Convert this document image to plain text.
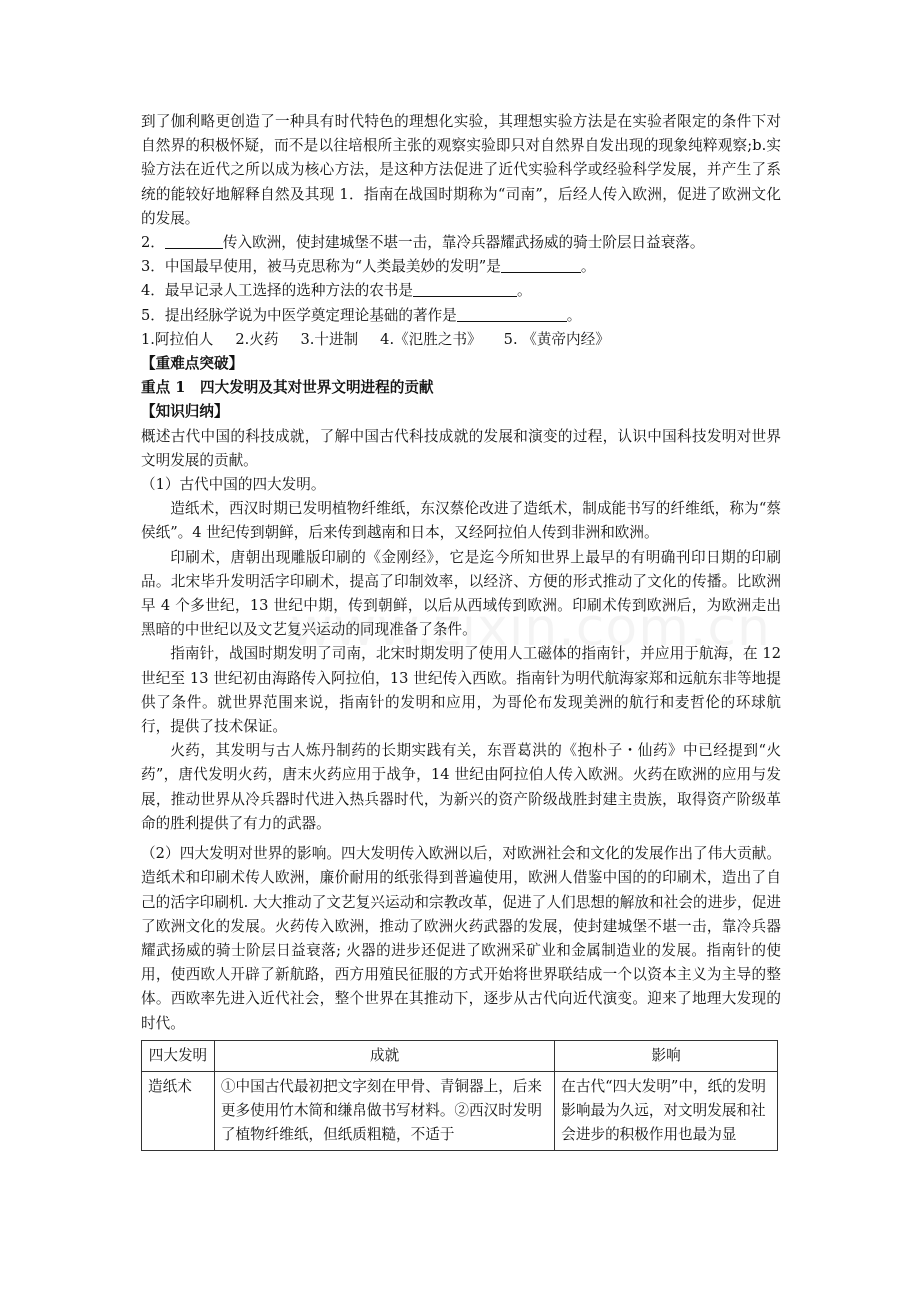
到了伽利略更创造了一种具有时代特色的理想化实验，其理想实验方法是在实验者限定的条件下对自然界的积极怀疑，而不是以往培根所主张的观察实验即只对自然界自发出现的现象纯粹观察;b.实验方法在近代之所以成为核心方法，是这种方法促进了近代实验科学或经验科学发展，并产生了系统的能较好地解释自然及其现 1．指南在战国时期称为“司南”，后经人传入欧洲，促进了欧洲文化的发展。

2．	传入欧洲，使封建城堡不堪一击，靠冷兵器耀武扬威的骑士阶层日益衰落。

3．中国最早使用，被马克思称为“人类最美妙的发明”是	。

4．最早记录人工选择的选种方法的农书是	。

5．提出经脉学说为中医学奠定理论基础的著作是	。

1.阿拉伯人 2.火药 3.十进制 4.《氾胜之书》 5. 《黄帝内经》

【重难点突破】

重点 1　四大发明及其对世界文明进程的贡献

【知识归纳】

概述古代中国的科技成就，了解中国古代科技成就的发展和演变的过程，认识中国科技发明对世界文明发展的贡献。

（1）古代中国的四大发明。

造纸术，西汉时期已发明植物纤维纸，东汉蔡伦改进了造纸术，制成能书写的纤维纸，称为“蔡侯纸”。4 世纪传到朝鲜，后来传到越南和日本，又经阿拉伯人传到非洲和欧洲。

印刷术，唐朝出现雕版印刷的《金刚经》，它是迄今所知世界上最早的有明确刊印日期的印刷品。北宋毕升发明活字印刷术，提高了印制效率，以经济、方便的形式推动了文化的传播。比欧洲早 4 个多世纪，13 世纪中期，传到朝鲜，以后从西域传到欧洲。印刷术传到欧洲后，为欧洲走出黑暗的中世纪以及文艺复兴运动的同现准备了条件。

指南针，战国时期发明了司南，北宋时期发明了使用人工磁体的指南针，并应用于航海，在 12 世纪至 13 世纪初由海路传入阿拉伯，13 世纪传入西欧。指南针为明代航海家郑和远航东非等地提供了条件。就世界范围来说，指南针的发明和应用，为哥伦布发现美洲的航行和麦哲伦的环球航行，提供了技术保证。

火药，其发明与古人炼丹制药的长期实践有关，东晋葛洪的《抱朴子・仙药》中已经提到“火药”，唐代发明火药，唐末火药应用于战争，14 世纪由阿拉伯人传入欧洲。火药在欧洲的应用与发展，推动世界从冷兵器时代进入热兵器时代，为新兴的资产阶级战胜封建主贵族，取得资产阶级革命的胜利提供了有力的武器。

（2）四大发明对世界的影响。四大发明传入欧洲以后，对欧洲社会和文化的发展作出了伟大贡献。造纸术和印刷术传人欧洲，廉价耐用的纸张得到普遍使用，欧洲人借鉴中国的的印刷术，造出了自己的活字印刷机. 大大推动了文艺复兴运动和宗教改革，促进了人们思想的解放和社会的进步，促进了欧洲文化的发展。火药传入欧洲，推动了欧洲火药武器的发展，使封建城堡不堪一击，靠冷兵器耀武扬威的骑士阶层日益衰落; 火器的进步还促进了欧洲采矿业和金属制造业的发展。指南针的使用，使西欧人开辟了新航路，西方用殖民征服的方式开始将世界联结成一个以资本主义为主导的整体。西欧率先进入近代社会，整个世界在其推动下，逐步从古代向近代演变。迎来了地理大发现的时代。

四大发明	成就	影响
造纸术	①中国古代最初把文字刻在甲骨、青铜器上，后来更多使用竹木简和缣帛做书写材料。②西汉时发明了植物纤维纸，但纸质粗糙，不适于	在古代“四大发明”中，纸的发明影响最为久远，对文明发展和社会进步的积极作用也最为显
